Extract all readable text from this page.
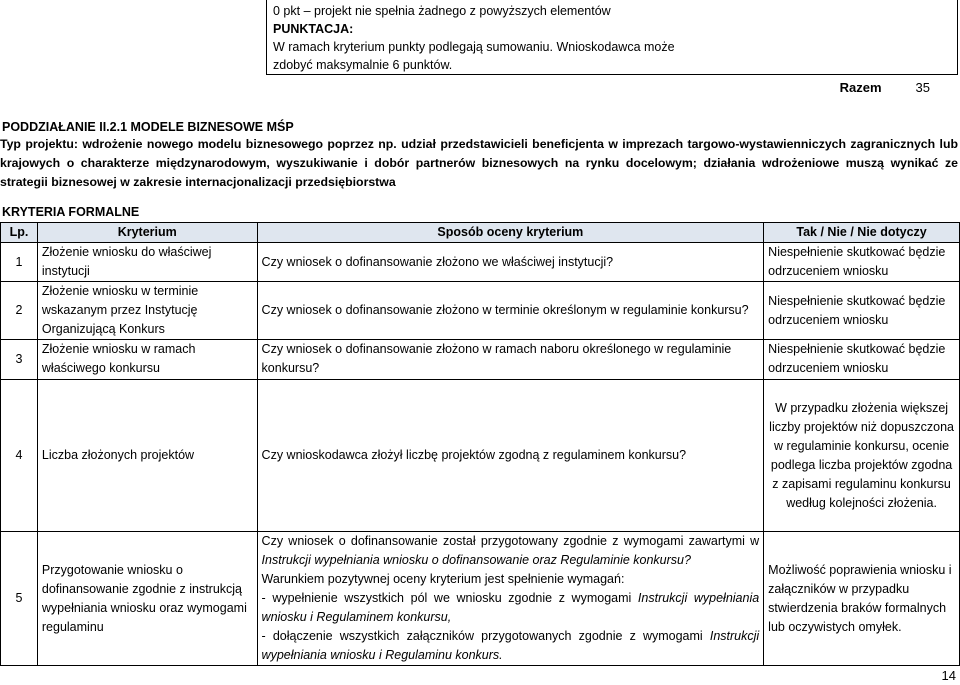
0 pkt – projekt nie spełnia żadnego z powyższych elementów
PUNKTACJA:
W ramach kryterium punkty podlegają sumowaniu. Wnioskodawca może
zdobyć maksymalnie 6 punktów.
Razem	35
PODDZIAŁANIE II.2.1 MODELE BIZNESOWE MŚP
Typ projektu: wdrożenie nowego modelu biznesowego poprzez np. udział przedstawicieli beneficjenta w imprezach targowo-wystawienniczych zagranicznych lub krajowych o charakterze międzynarodowym, wyszukiwanie i dobór partnerów biznesowych na rynku docelowym; działania wdrożeniowe muszą wynikać ze strategii biznesowej w zakresie internacjonalizacji przedsiębiorstwa
KRYTERIA FORMALNE
Lp.	Kryterium	Sposób oceny kryterium	Tak / Nie / Nie dotyczy
1	Złożenie wniosku do właściwej instytucji	Czy wniosek o dofinansowanie złożono we właściwej instytucji?	Niespełnienie skutkować będzie odrzuceniem wniosku
2	Złożenie wniosku w terminie wskazanym przez Instytucję Organizującą Konkurs	Czy wniosek o dofinansowanie złożono w terminie określonym w regulaminie konkursu?	Niespełnienie skutkować będzie odrzuceniem wniosku
3	Złożenie wniosku w ramach właściwego konkursu	Czy wniosek o dofinansowanie złożono w ramach naboru określonego w regulaminie konkursu?	Niespełnienie skutkować będzie odrzuceniem wniosku
4	Liczba złożonych projektów	Czy wnioskodawca złożył liczbę projektów zgodną z regulaminem konkursu?	W przypadku złożenia większej liczby projektów niż dopuszczona w regulaminie konkursu, ocenie podlega liczba projektów zgodna z zapisami regulaminu konkursu według kolejności złożenia.
5	Przygotowanie wniosku o dofinansowanie zgodnie z instrukcją wypełniania wniosku oraz wymogami regulaminu	Czy wniosek o dofinansowanie został przygotowany zgodnie z wymogami zawartymi w Instrukcji wypełniania wniosku o dofinansowanie oraz Regulaminie konkursu?
Warunkiem pozytywnej oceny kryterium jest spełnienie wymagań:
- wypełnienie wszystkich pól we wniosku zgodnie z wymogami Instrukcji wypełniania wniosku i Regulaminem konkursu,
- dołączenie wszystkich załączników przygotowanych zgodnie z wymogami Instrukcji wypełniania wniosku i Regulaminu konkurs.	Możliwość poprawienia wniosku i załączników w przypadku stwierdzenia braków formalnych lub oczywistych omyłek.
14
